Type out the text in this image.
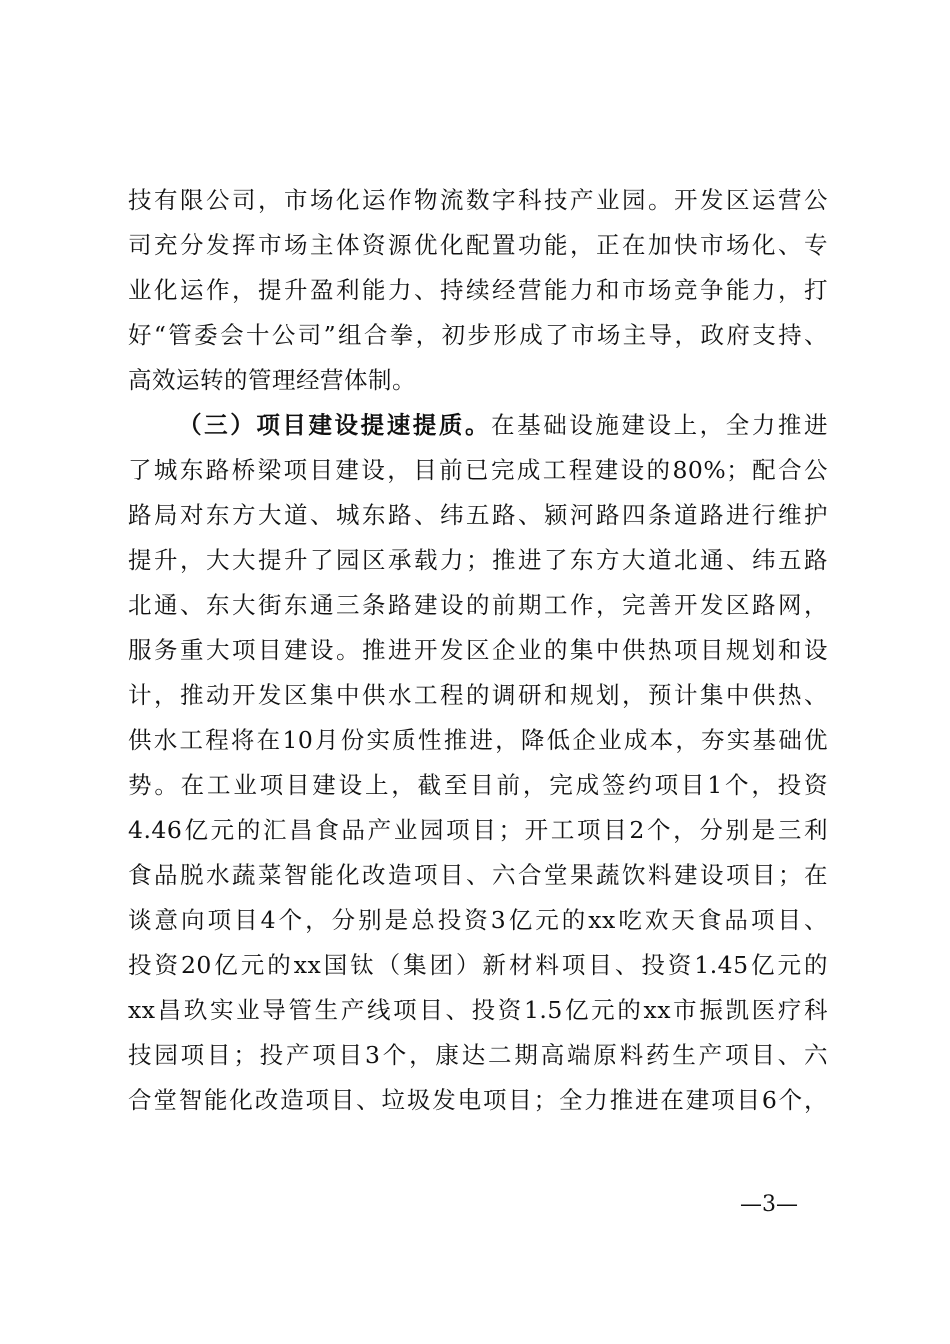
技有限公司，市场化运作物流数字科技产业园。开发区运营公
司充分发挥市场主体资源优化配置功能，正在加快市场化、专
业化运作，提升盈利能力、持续经营能力和市场竞争能力，打
好“管委会十公司”组合拳，初步形成了市场主导，政府支持、
高效运转的管理经营体制。
（三）项目建设提速提质。在基础设施建设上，全力推进
了城东路桥梁项目建设，目前已完成工程建设的80%；配合公
路局对东方大道、城东路、纬五路、颍河路四条道路进行维护
提升，大大提升了园区承载力；推进了东方大道北通、纬五路
北通、东大街东通三条路建设的前期工作，完善开发区路网，
服务重大项目建设。推进开发区企业的集中供热项目规划和设
计，推动开发区集中供水工程的调研和规划，预计集中供热、
供水工程将在10月份实质性推进，降低企业成本，夯实基础优
势。在工业项目建设上，截至目前，完成签约项目1个，投资
4.46亿元的汇昌食品产业园项目；开工项目2个，分别是三利
食品脱水蔬菜智能化改造项目、六合堂果蔬饮料建设项目；在
谈意向项目4个，分别是总投资3亿元的xx吃欢天食品项目、
投资20亿元的xx国钛（集团）新材料项目、投资1.45亿元的
xx昌玖实业导管生产线项目、投资1.5亿元的xx市振凯医疗科
技园项目；投产项目3个，康达二期高端原料药生产项目、六
合堂智能化改造项目、垃圾发电项目；全力推进在建项目6个，
—3—
